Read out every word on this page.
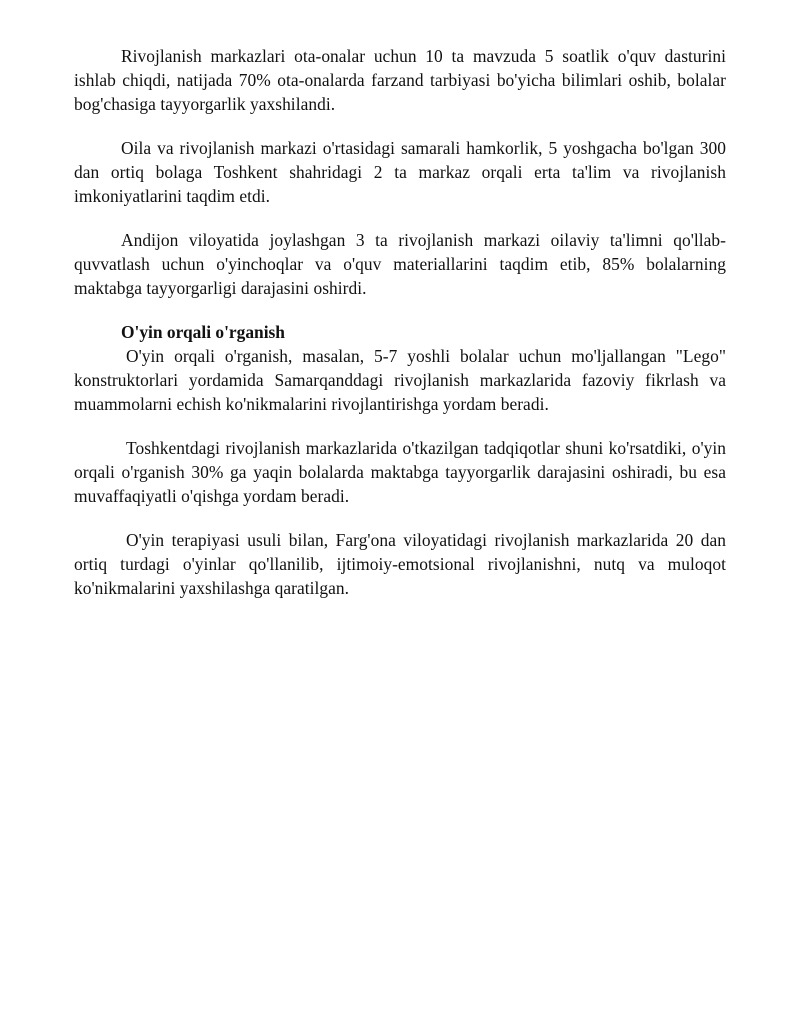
Rivojlanish markazlari ota-onalar uchun 10 ta mavzuda 5 soatlik o'quv dasturini ishlab chiqdi, natijada 70% ota-onalarda farzand tarbiyasi bo'yicha bilimlari oshib, bolalar bog'chasiga tayyorgarlik yaxshilandi.

Oila va rivojlanish markazi o'rtasidagi samarali hamkorlik, 5 yoshgacha bo'lgan 300 dan ortiq bolaga Toshkent shahridagi 2 ta markaz orqali erta ta'lim va rivojlanish imkoniyatlarini taqdim etdi.

Andijon viloyatida joylashgan 3 ta rivojlanish markazi oilaviy ta'limni qo'llab-quvvatlash uchun o'yinchoqlar va o'quv materiallarini taqdim etib, 85% bolalarning maktabga tayyorgarligi darajasini oshirdi.

O'yin orqali o'rganish

O'yin orqali o'rganish, masalan, 5-7 yoshli bolalar uchun mo'ljallangan "Lego" konstruktorlari yordamida Samarqanddagi rivojlanish markazlarida fazoviy fikrlash va muammolarni echish ko'nikmalarini rivojlantirishga yordam beradi.

Toshkentdagi rivojlanish markazlarida o'tkazilgan tadqiqotlar shuni ko'rsatdiki, o'yin orqali o'rganish 30% ga yaqin bolalarda maktabga tayyorgarlik darajasini oshiradi, bu esa muvaffaqiyatli o'qishga yordam beradi.

O'yin terapiyasi usuli bilan, Farg'ona viloyatidagi rivojlanish markazlarida 20 dan ortiq turdagi o'yinlar qo'llanilib, ijtimoiy-emotsional rivojlanishni, nutq va muloqot ko'nikmalarini yaxshilashga qaratilgan.
